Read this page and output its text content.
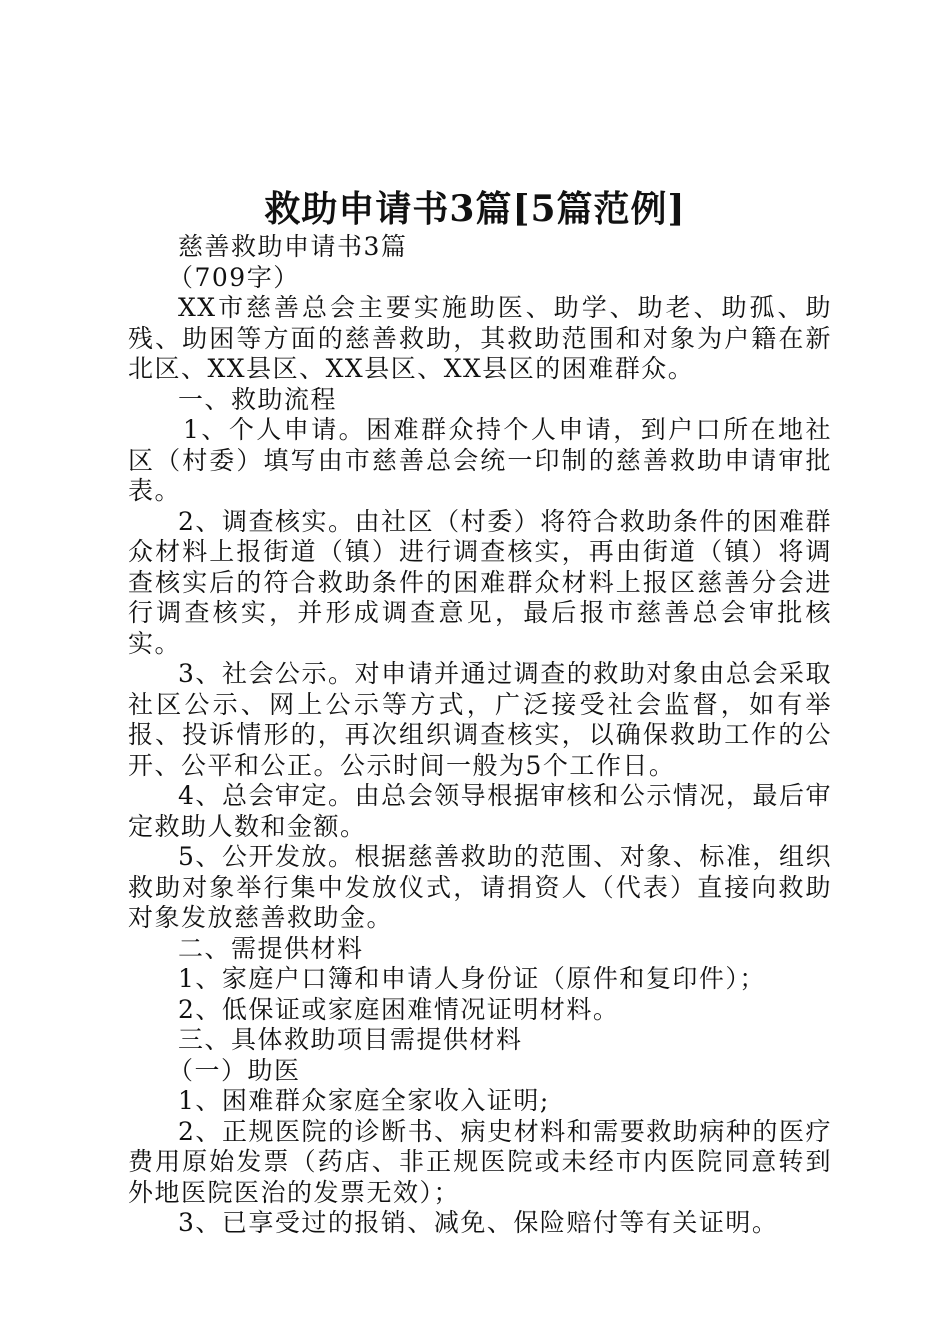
救助申请书3篇[5篇范例]

慈善救助申请书3篇

（709字）

XX市慈善总会主要实施助医、助学、助老、助孤、助残、助困等方面的慈善救助，其救助范围和对象为户籍在新北区、XX县区、XX县区、XX县区的困难群众。

一、救助流程

1、个人申请。困难群众持个人申请，到户口所在地社区（村委）填写由市慈善总会统一印制的慈善救助申请审批表。

2、调查核实。由社区（村委）将符合救助条件的困难群众材料上报街道（镇）进行调查核实，再由街道（镇）将调查核实后的符合救助条件的困难群众材料上报区慈善分会进行调查核实，并形成调查意见，最后报市慈善总会审批核实。

3、社会公示。对申请并通过调查的救助对象由总会采取社区公示、网上公示等方式，广泛接受社会监督，如有举报、投诉情形的，再次组织调查核实，以确保救助工作的公开、公平和公正。公示时间一般为5个工作日。

4、总会审定。由总会领导根据审核和公示情况，最后审定救助人数和金额。

5、公开发放。根据慈善救助的范围、对象、标准，组织救助对象举行集中发放仪式，请捐资人（代表）直接向救助对象发放慈善救助金。

二、需提供材料

1、家庭户口簿和申请人身份证（原件和复印件）；

2、低保证或家庭困难情况证明材料。

三、具体救助项目需提供材料

（一）助医

1、困难群众家庭全家收入证明;

2、正规医院的诊断书、病史材料和需要救助病种的医疗费用原始发票（药店、非正规医院或未经市内医院同意转到外地医院医治的发票无效）；

3、已享受过的报销、减免、保险赔付等有关证明。
